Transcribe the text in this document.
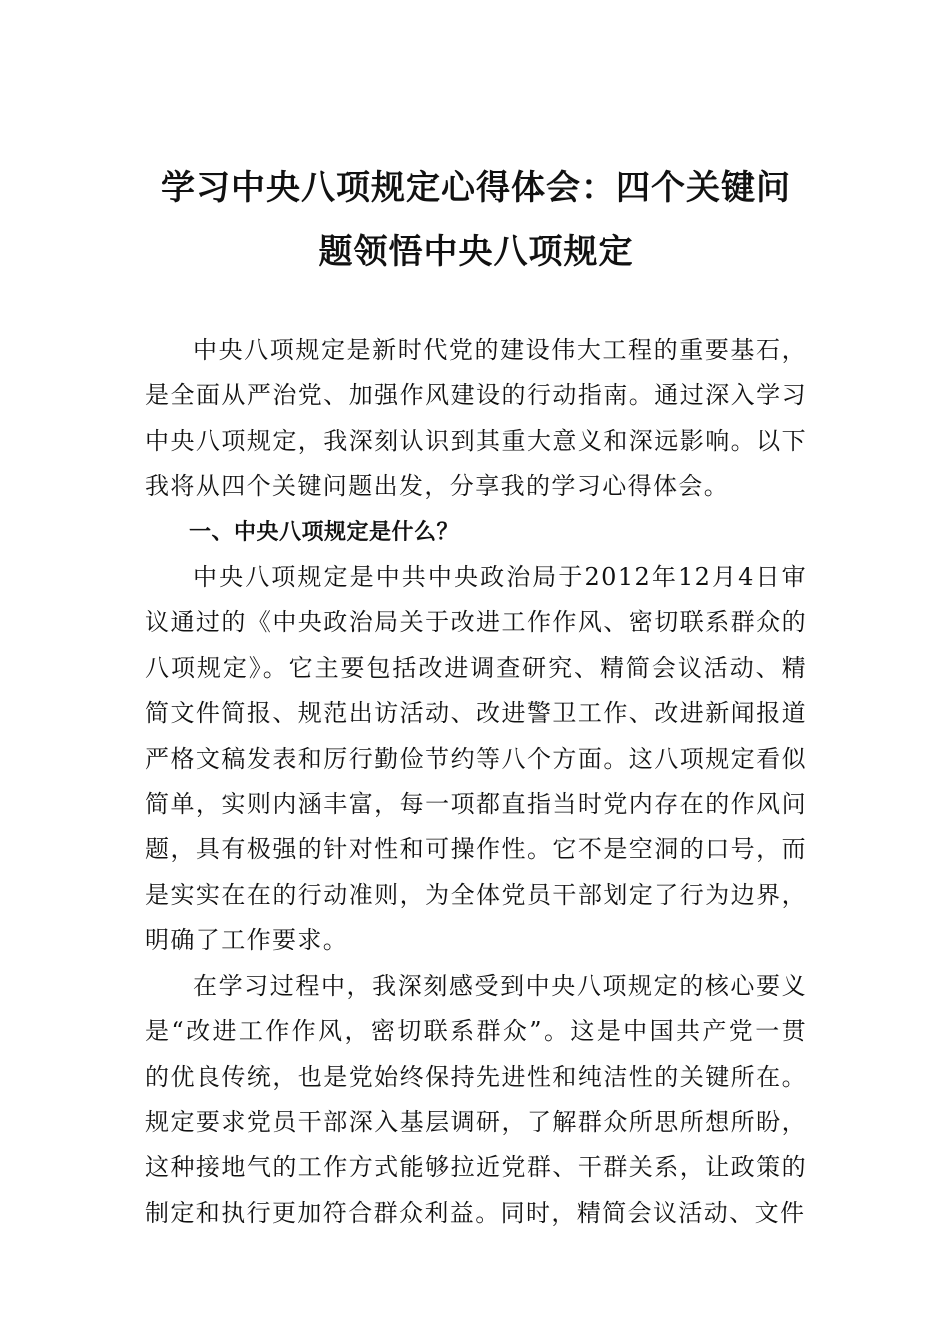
学习中央八项规定心得体会：四个关键问题领悟中央八项规定

中央八项规定是新时代党的建设伟大工程的重要基石，是全面从严治党、加强作风建设的行动指南。通过深入学习中央八项规定，我深刻认识到其重大意义和深远影响。以下我将从四个关键问题出发，分享我的学习心得体会。

一、中央八项规定是什么？

中央八项规定是中共中央政治局于2012年12月4日审议通过的《中央政治局关于改进工作作风、密切联系群众的八项规定》。它主要包括改进调查研究、精简会议活动、精简文件简报、规范出访活动、改进警卫工作、改进新闻报道严格文稿发表和厉行勤俭节约等八个方面。这八项规定看似简单，实则内涵丰富，每一项都直指当时党内存在的作风问题，具有极强的针对性和可操作性。它不是空洞的口号，而是实实在在的行动准则，为全体党员干部划定了行为边界，明确了工作要求。

在学习过程中，我深刻感受到中央八项规定的核心要义是“改进工作作风，密切联系群众”。这是中国共产党一贯的优良传统，也是党始终保持先进性和纯洁性的关键所在。规定要求党员干部深入基层调研，了解群众所思所想所盼，这种接地气的工作方式能够拉近党群、干群关系，让政策的制定和执行更加符合群众利益。同时，精简会议活动、文件
